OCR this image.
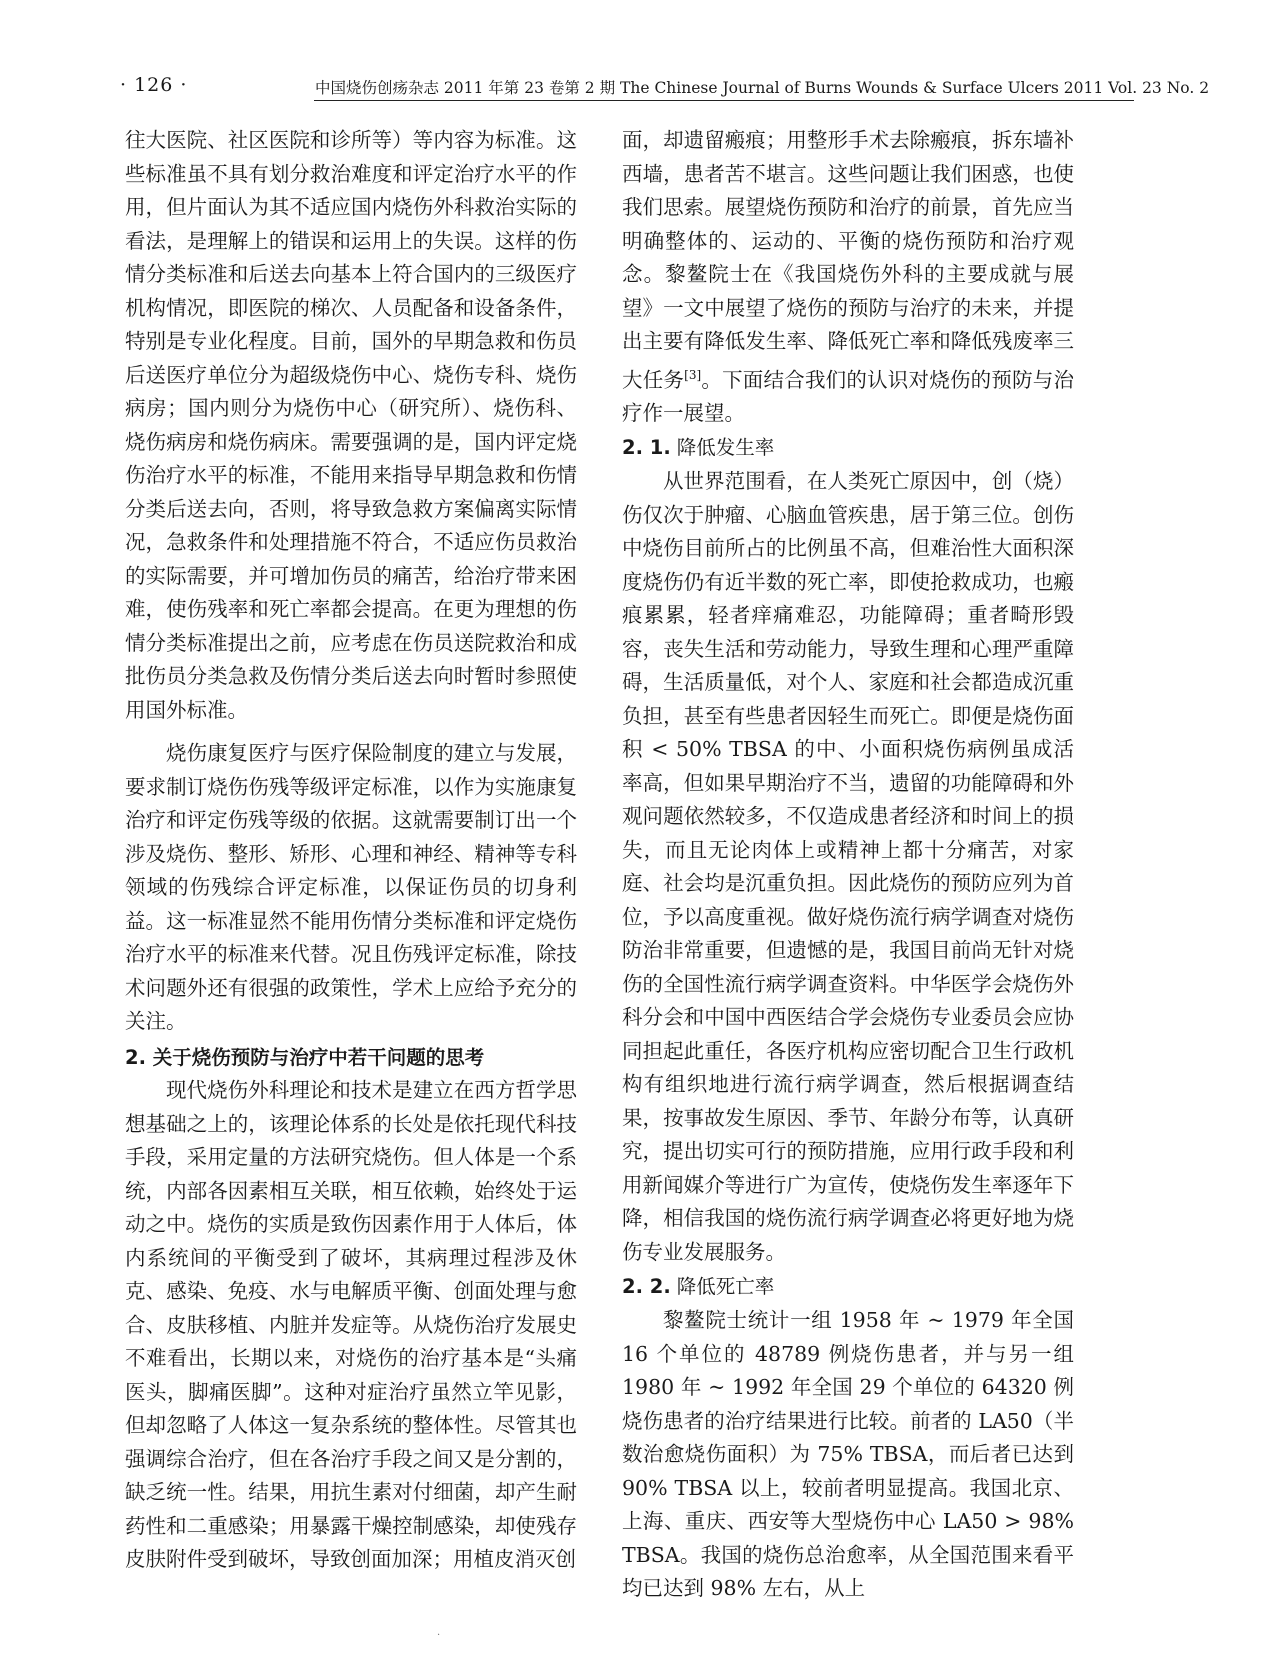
· 126 ·	中国烧伤创疡杂志 2011 年第 23 卷第 2 期 The Chinese Journal of Burns Wounds & Surface Ulcers 2011 Vol. 23 No. 2

往大医院、社区医院和诊所等）等内容为标准。这些标准虽不具有划分救治难度和评定治疗水平的作用，但片面认为其不适应国内烧伤外科救治实际的看法，是理解上的错误和运用上的失误。这样的伤情分类标准和后送去向基本上符合国内的三级医疗机构情况，即医院的梯次、人员配备和设备条件，特别是专业化程度。目前，国外的早期急救和伤员后送医疗单位分为超级烧伤中心、烧伤专科、烧伤病房；国内则分为烧伤中心（研究所）、烧伤科、烧伤病房和烧伤病床。需要强调的是，国内评定烧伤治疗水平的标准，不能用来指导早期急救和伤情分类后送去向，否则，将导致急救方案偏离实际情况，急救条件和处理措施不符合，不适应伤员救治的实际需要，并可增加伤员的痛苦，给治疗带来困难，使伤残率和死亡率都会提高。在更为理想的伤情分类标准提出之前，应考虑在伤员送院救治和成批伤员分类急救及伤情分类后送去向时暂时参照使用国外标准。

烧伤康复医疗与医疗保险制度的建立与发展，要求制订烧伤伤残等级评定标准，以作为实施康复治疗和评定伤残等级的依据。这就需要制订出一个涉及烧伤、整形、矫形、心理和神经、精神等专科领域的伤残综合评定标准，以保证伤员的切身利益。这一标准显然不能用伤情分类标准和评定烧伤治疗水平的标准来代替。况且伤残评定标准，除技术问题外还有很强的政策性，学术上应给予充分的关注。

2. 关于烧伤预防与治疗中若干问题的思考

现代烧伤外科理论和技术是建立在西方哲学思想基础之上的，该理论体系的长处是依托现代科技手段，采用定量的方法研究烧伤。但人体是一个系统，内部各因素相互关联，相互依赖，始终处于运动之中。烧伤的实质是致伤因素作用于人体后，体内系统间的平衡受到了破坏，其病理过程涉及休克、感染、免疫、水与电解质平衡、创面处理与愈合、皮肤移植、内脏并发症等。从烧伤治疗发展史不难看出，长期以来，对烧伤的治疗基本是“头痛医头，脚痛医脚”。这种对症治疗虽然立竿见影，但却忽略了人体这一复杂系统的整体性。尽管其也强调综合治疗，但在各治疗手段之间又是分割的，缺乏统一性。结果，用抗生素对付细菌，却产生耐药性和二重感染；用暴露干燥控制感染，却使残存皮肤附件受到破坏，导致创面加深；用植皮消灭创

面，却遗留瘢痕；用整形手术去除瘢痕，拆东墙补西墙，患者苦不堪言。这些问题让我们困惑，也使我们思索。展望烧伤预防和治疗的前景，首先应当明确整体的、运动的、平衡的烧伤预防和治疗观念。黎鳌院士在《我国烧伤外科的主要成就与展望》一文中展望了烧伤的预防与治疗的未来，并提出主要有降低发生率、降低死亡率和降低残废率三大任务[3]。下面结合我们的认识对烧伤的预防与治疗作一展望。

2. 1. 降低发生率

从世界范围看，在人类死亡原因中，创（烧）伤仅次于肿瘤、心脑血管疾患，居于第三位。创伤中烧伤目前所占的比例虽不高，但难治性大面积深度烧伤仍有近半数的死亡率，即使抢救成功，也瘢痕累累，轻者痒痛难忍，功能障碍；重者畸形毁容，丧失生活和劳动能力，导致生理和心理严重障碍，生活质量低，对个人、家庭和社会都造成沉重负担，甚至有些患者因轻生而死亡。即便是烧伤面积 < 50% TBSA 的中、小面积烧伤病例虽成活率高，但如果早期治疗不当，遗留的功能障碍和外观问题依然较多，不仅造成患者经济和时间上的损失，而且无论肉体上或精神上都十分痛苦，对家庭、社会均是沉重负担。因此烧伤的预防应列为首位，予以高度重视。做好烧伤流行病学调查对烧伤防治非常重要，但遗憾的是，我国目前尚无针对烧伤的全国性流行病学调查资料。中华医学会烧伤外科分会和中国中西医结合学会烧伤专业委员会应协同担起此重任，各医疗机构应密切配合卫生行政机构有组织地进行流行病学调查，然后根据调查结果，按事故发生原因、季节、年龄分布等，认真研究，提出切实可行的预防措施，应用行政手段和利用新闻媒介等进行广为宣传，使烧伤发生率逐年下降，相信我国的烧伤流行病学调查必将更好地为烧伤专业发展服务。

2. 2. 降低死亡率

黎鳌院士统计一组 1958 年 ~ 1979 年全国 16 个单位的 48789 例烧伤患者，并与另一组 1980 年 ~ 1992 年全国 29 个单位的 64320 例烧伤患者的治疗结果进行比较。前者的 LA50（半数治愈烧伤面积）为 75% TBSA，而后者已达到 90% TBSA 以上，较前者明显提高。我国北京、上海、重庆、西安等大型烧伤中心 LA50 > 98% TBSA。我国的烧伤总治愈率，从全国范围来看平均已达到 98% 左右，从上

·
